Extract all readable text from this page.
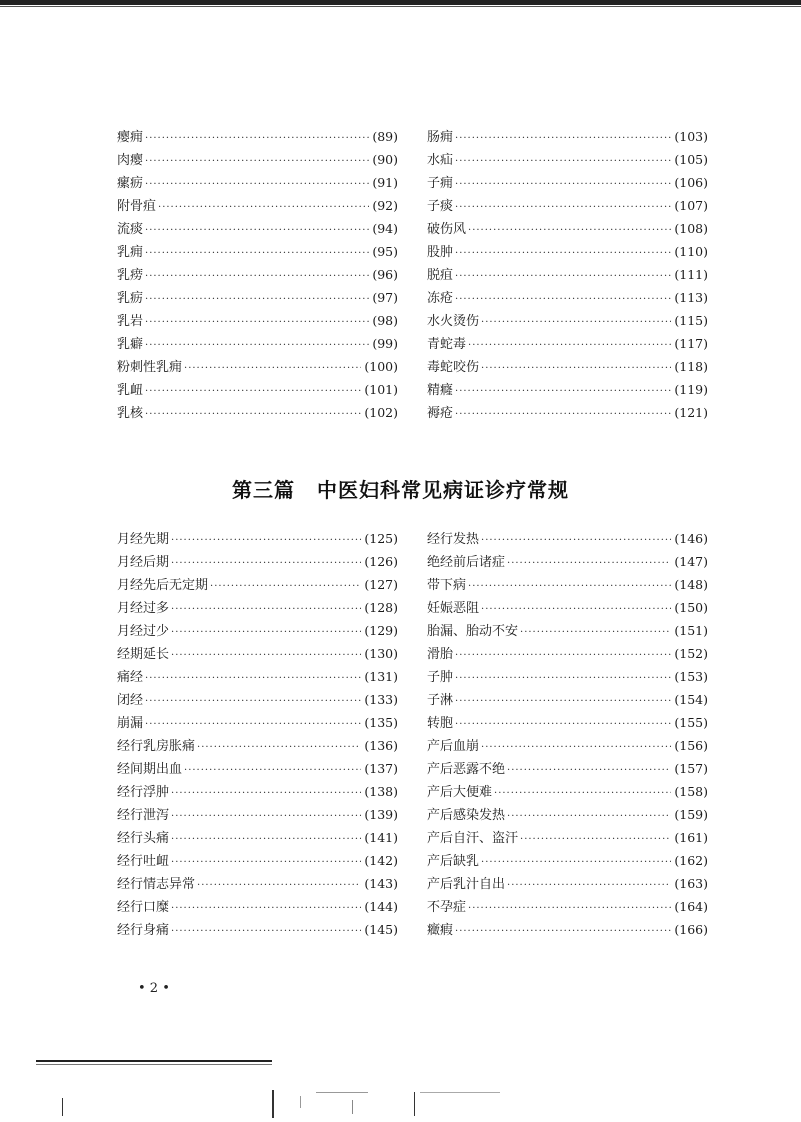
瘿痈 ·····	(89)
肉瘿 ·····	(90)
瘰疬 ·····	(91)
附骨疽 ·····	(92)
流痰 ·····	(94)
乳痈 ·····	(95)
乳痨 ·····	(96)
乳疬 ·····	(97)
乳岩 ·····	(98)
乳癖 ·····	(99)
粉刺性乳痈 ·····	(100)
乳衄 ·····	(101)
乳核 ·····	(102)
肠痈 ·····	(103)
水疝 ·····	(105)
子痈 ·····	(106)
子痰 ·····	(107)
破伤风 ·····	(108)
股肿 ·····	(110)
脱疽 ·····	(111)
冻疮 ·····	(113)
水火烫伤 ·····	(115)
青蛇毒 ·····	(117)
毒蛇咬伤 ·····	(118)
精癃 ·····	(119)
褥疮 ·····	(121)
第三篇 中医妇科常见病证诊疗常规
月经先期 ·····	(125)
月经后期 ·····	(126)
月经先后无定期 ·····	(127)
月经过多 ·····	(128)
月经过少 ·····	(129)
经期延长 ·····	(130)
痛经 ·····	(131)
闭经 ·····	(133)
崩漏 ·····	(135)
经行乳房胀痛 ·····	(136)
经间期出血 ·····	(137)
经行浮肿 ·····	(138)
经行泄泻 ·····	(139)
经行头痛 ·····	(141)
经行吐衄 ·····	(142)
经行情志异常 ·····	(143)
经行口糜 ·····	(144)
经行身痛 ·····	(145)
经行发热 ·····	(146)
绝经前后诸症 ·····	(147)
带下病 ·····	(148)
妊娠恶阻 ·····	(150)
胎漏、胎动不安 ·····	(151)
滑胎 ·····	(152)
子肿 ·····	(153)
子淋 ·····	(154)
转胞 ·····	(155)
产后血崩 ·····	(156)
产后恶露不绝 ·····	(157)
产后大便难 ·····	(158)
产后感染发热 ·····	(159)
产后自汗、盗汗 ·····	(161)
产后缺乳 ·····	(162)
产后乳汁自出 ·····	(163)
不孕症 ·····	(164)
癥瘕 ·····	(166)
• 2 •
